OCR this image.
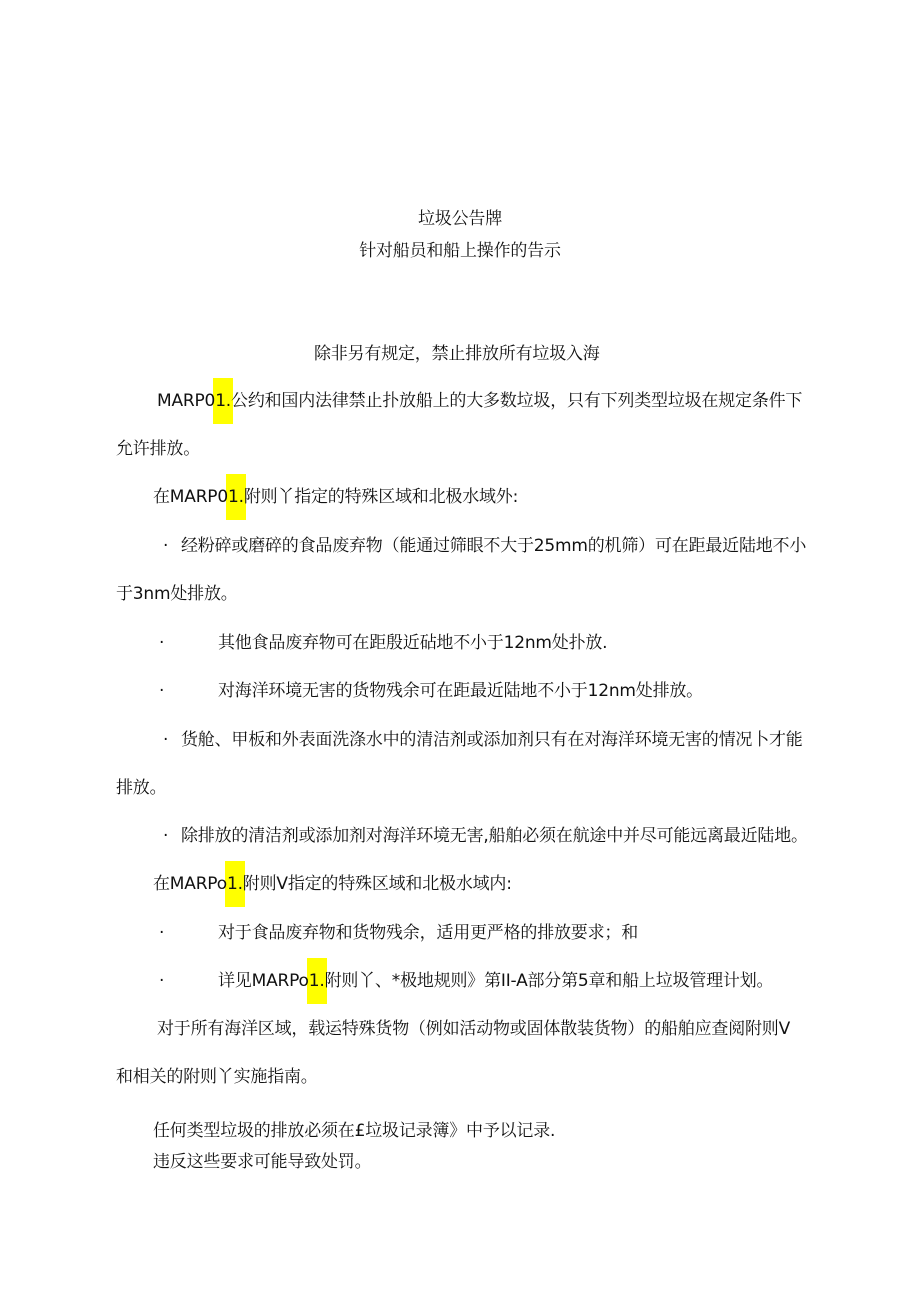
垃圾公告牌
针对船员和船上操作的告示
除非另有规定，禁止排放所有垃圾入海
MARP01.公约和国内法律禁止扑放船上的大多数垃圾，只有下列类型垃圾在规定条件下
允许排放。
在MARP01.附则丫指定的特殊区域和北极水域外:
· 经粉碎或磨碎的食品废弃物（能通过筛眼不大于25mm的机筛）可在距最近陆地不小
于3nm处排放。
·	其他食品废弃物可在距殷近砧地不小于12nm处扑放.
·	对海洋环境无害的货物残余可在距最近陆地不小于12nm处排放。
· 货舱、甲板和外表面洗涤水中的清洁剂或添加剂只有在对海洋环境无害的情况卜才能
排放。
· 除排放的清洁剂或添加剂对海洋环境无害,船舶必须在航途中并尽可能远离最近陆地。
在MARPo1.附则V指定的特殊区域和北极水域内:
·	对于食品废弃物和货物残余，适用更严格的排放要求；和
·	详见MARPo1.附则丫、*极地规则》第II-A部分第5章和船上垃圾管理计划。
对于所有海洋区域，载运特殊货物（例如活动物或固体散装货物）的船舶应查阅附则V
和相关的附则丫实施指南。
任何类型垃圾的排放必须在£垃圾记录簿》中予以记录.
违反这些要求可能导致处罚。
